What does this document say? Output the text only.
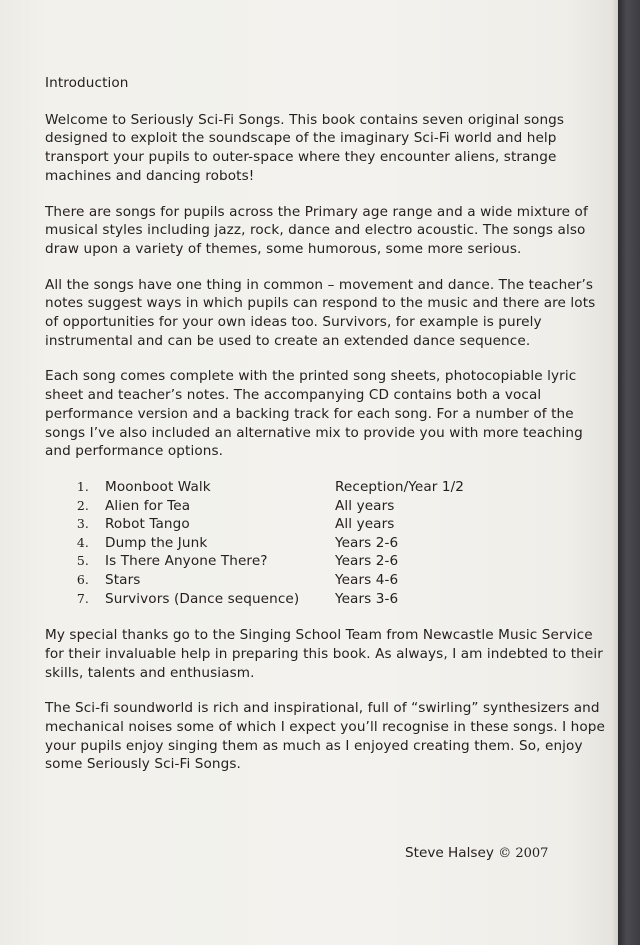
Introduction

Welcome to Seriously Sci-Fi Songs. This book contains seven original songs designed to exploit the soundscape of the imaginary Sci-Fi world and help transport your pupils to outer-space where they encounter aliens, strange machines and dancing robots!

There are songs for pupils across the Primary age range and a wide mixture of musical styles including jazz, rock, dance and electro acoustic. The songs also draw upon a variety of themes, some humorous, some more serious.

All the songs have one thing in common – movement and dance. The teacher’s notes suggest ways in which pupils can respond to the music and there are lots of opportunities for your own ideas too. Survivors, for example is purely instrumental and can be used to create an extended dance sequence.

Each song comes complete with the printed song sheets, photocopiable lyric sheet and teacher’s notes. The accompanying CD contains both a vocal performance version and a backing track for each song. For a number of the songs I’ve also included an alternative mix to provide you with more teaching and performance options.

1.	Moonboot Walk	Reception/Year 1/2
2.	Alien for Tea	All years
3.	Robot Tango	All years
4.	Dump the Junk	Years 2-6
5.	Is There Anyone There?	Years 2-6
6.	Stars	Years 4-6
7.	Survivors (Dance sequence)	Years 3-6

My special thanks go to the Singing School Team from Newcastle Music Service for their invaluable help in preparing this book. As always, I am indebted to their skills, talents and enthusiasm.

The Sci-fi soundworld is rich and inspirational, full of “swirling” synthesizers and mechanical noises some of which I expect you’ll recognise in these songs. I hope your pupils enjoy singing them as much as I enjoyed creating them. So, enjoy some Seriously Sci-Fi Songs.

Steve Halsey © 2007
